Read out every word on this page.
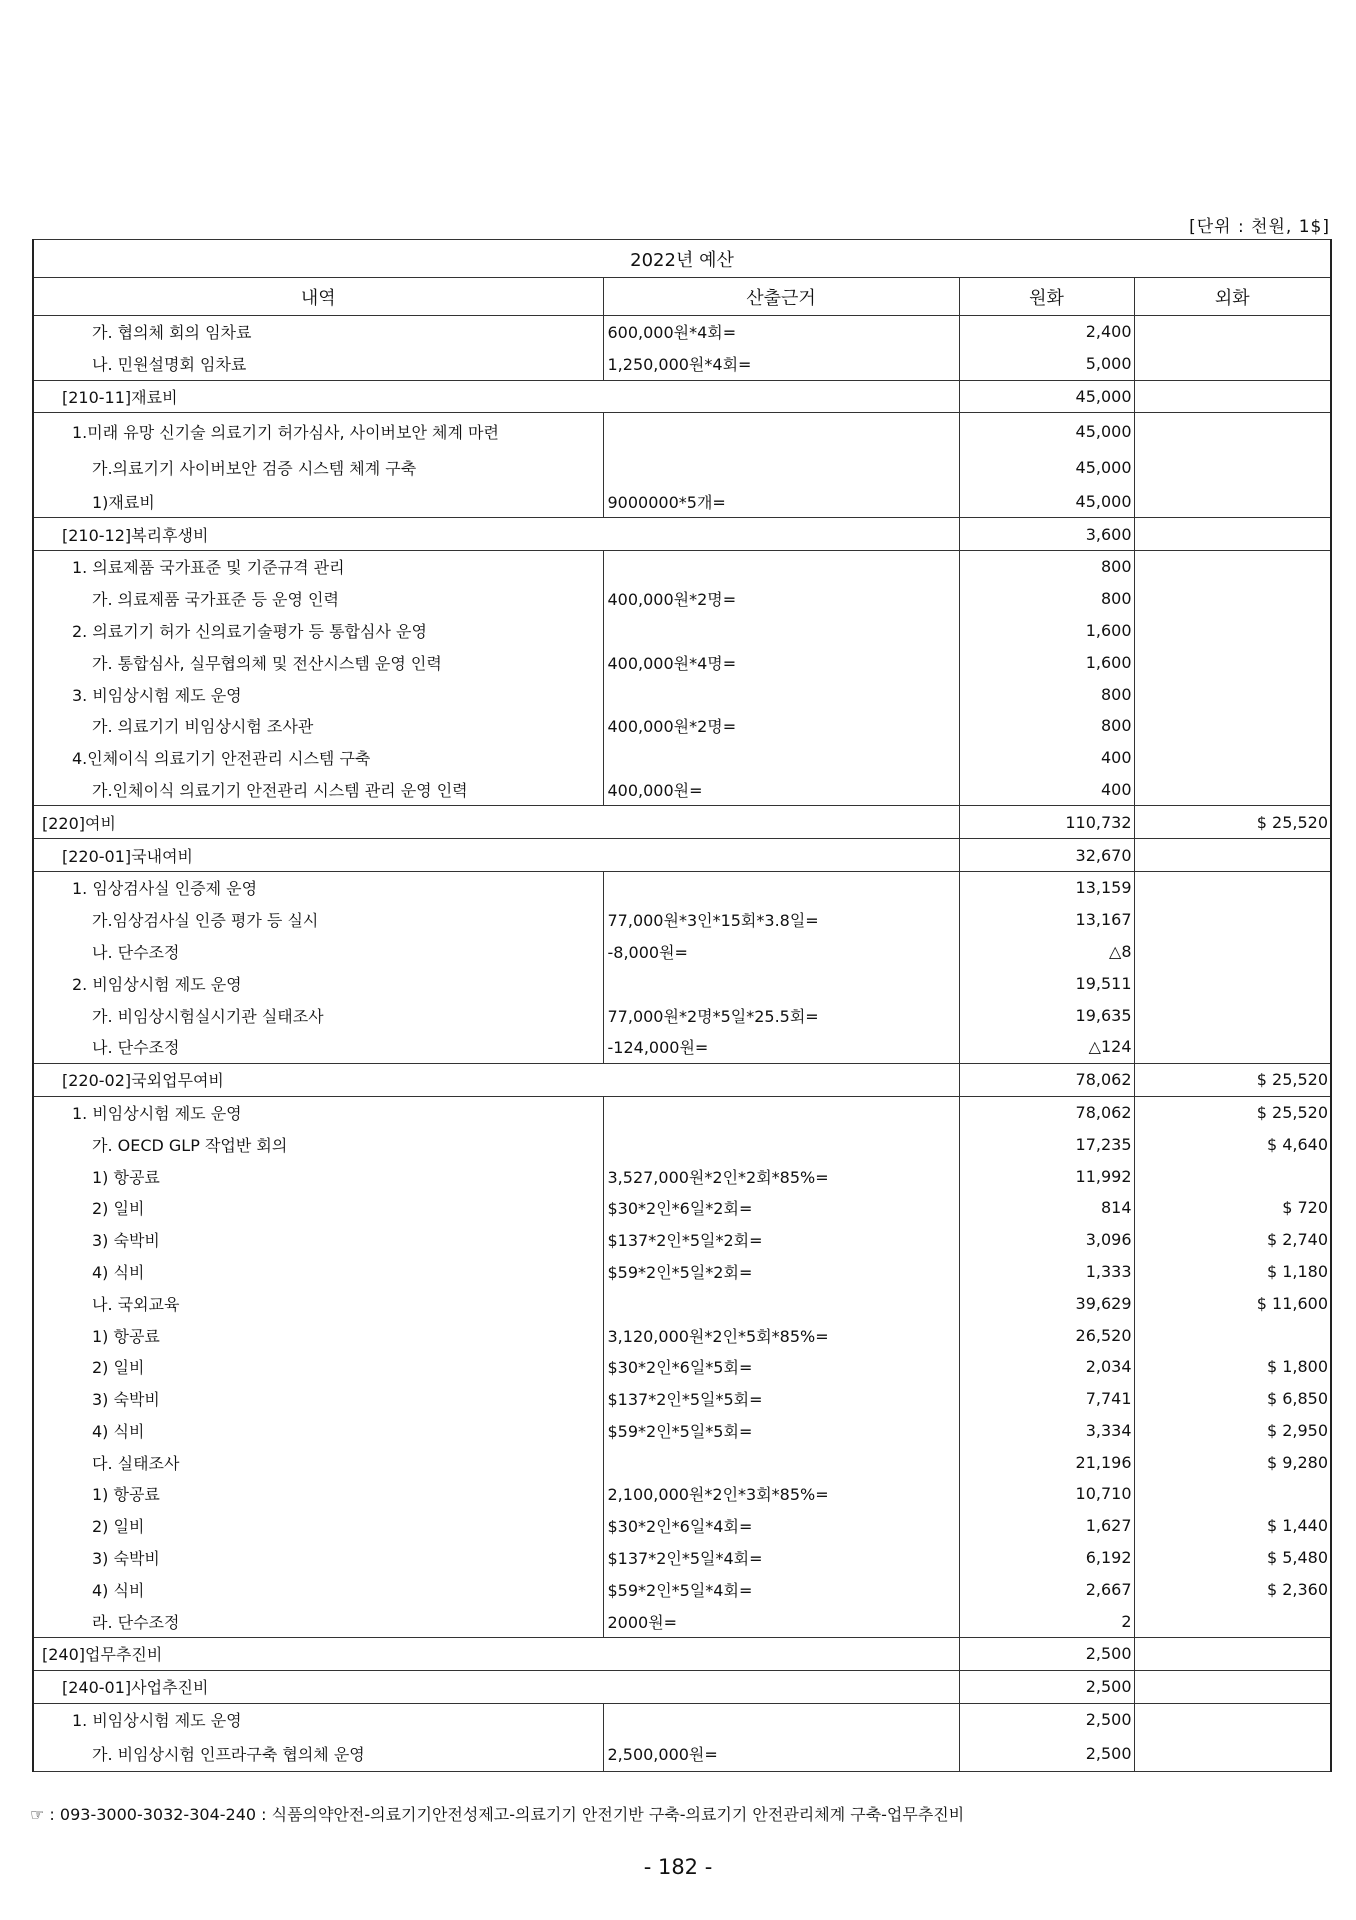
[단위 : 천원, 1$]
2022년 예산			
내역	산출근거	원화	외화
가. 협의체 회의 임차료	600,000원*4회=	2,400	
나. 민원설명회 임차료	1,250,000원*4회=	5,000	
[210-11]재료비		45,000	
1.미래 유망 신기술 의료기기 허가심사, 사이버보안 체계 마련		45,000	
가.의료기기 사이버보안 검증 시스템 체계 구축		45,000	
1)재료비	9000000*5개=	45,000	
[210-12]복리후생비		3,600	
1. 의료제품 국가표준 및 기준규격 관리		800	
가. 의료제품 국가표준 등 운영 인력	400,000원*2명=	800	
2. 의료기기 허가 신의료기술평가 등 통합심사 운영		1,600	
가. 통합심사, 실무협의체 및 전산시스템 운영 인력	400,000원*4명=	1,600	
3. 비임상시험 제도 운영		800	
가. 의료기기 비임상시험 조사관	400,000원*2명=	800	
4.인체이식 의료기기 안전관리 시스템 구축		400	
가.인체이식 의료기기 안전관리 시스템 관리 운영 인력	400,000원=	400	
[220]여비		110,732	$ 25,520
[220-01]국내여비		32,670	
1. 임상검사실 인증제 운영		13,159	
가.임상검사실 인증 평가 등 실시	77,000원*3인*15회*3.8일=	13,167	
나. 단수조정	-8,000원=	△8	
2. 비임상시험 제도 운영		19,511	
가. 비임상시험실시기관 실태조사	77,000원*2명*5일*25.5회=	19,635	
나. 단수조정	-124,000원=	△124	
[220-02]국외업무여비		78,062	$ 25,520
1. 비임상시험 제도 운영		78,062	$ 25,520
가. OECD GLP 작업반 회의		17,235	$ 4,640
1) 항공료	3,527,000원*2인*2회*85%=	11,992	
2) 일비	$30*2인*6일*2회=	814	$ 720
3) 숙박비	$137*2인*5일*2회=	3,096	$ 2,740
4) 식비	$59*2인*5일*2회=	1,333	$ 1,180
나. 국외교육		39,629	$ 11,600
1) 항공료	3,120,000원*2인*5회*85%=	26,520	
2) 일비	$30*2인*6일*5회=	2,034	$ 1,800
3) 숙박비	$137*2인*5일*5회=	7,741	$ 6,850
4) 식비	$59*2인*5일*5회=	3,334	$ 2,950
다. 실태조사		21,196	$ 9,280
1) 항공료	2,100,000원*2인*3회*85%=	10,710	
2) 일비	$30*2인*6일*4회=	1,627	$ 1,440
3) 숙박비	$137*2인*5일*4회=	6,192	$ 5,480
4) 식비	$59*2인*5일*4회=	2,667	$ 2,360
라. 단수조정	2000원=	2	
[240]업무추진비		2,500	
[240-01]사업추진비		2,500	
1. 비임상시험 제도 운영		2,500	
가. 비임상시험 인프라구축 협의체 운영	2,500,000원=	2,500	
☞ : 093-3000-3032-304-240 : 식품의약안전-의료기기안전성제고-의료기기 안전기반 구축-의료기기 안전관리체계 구축-업무추진비
- 182 -
